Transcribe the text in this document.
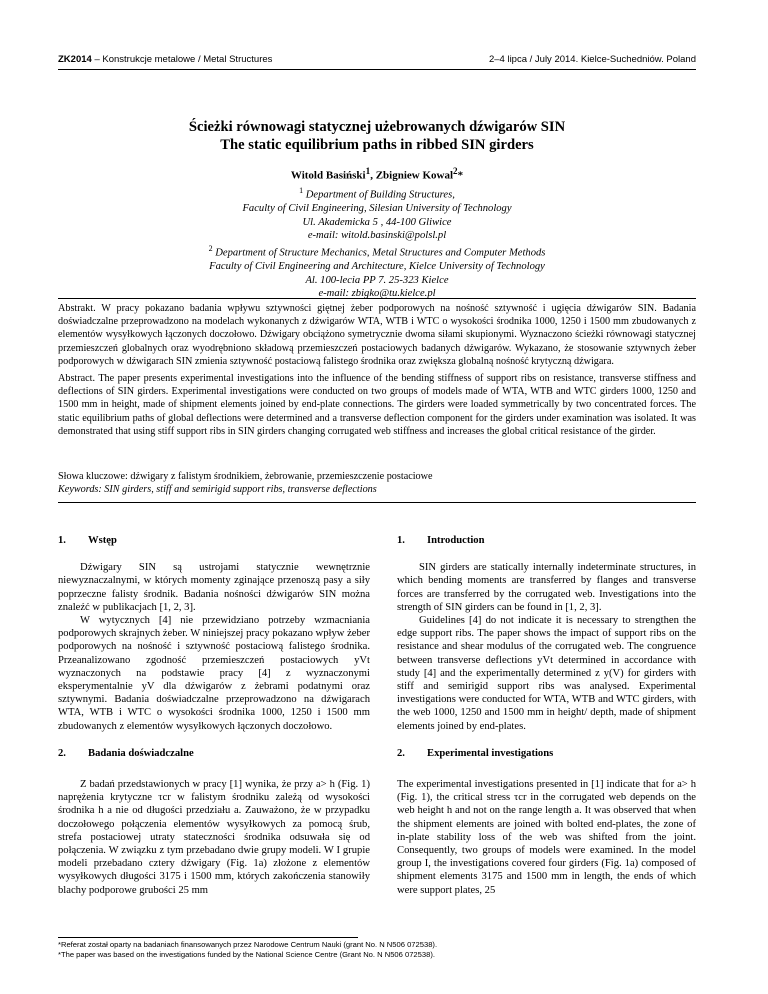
ZK2014 – Konstrukcje metalowe / Metal Structures	2–4 lipca / July 2014. Kielce-Suchedniów. Poland
Ścieżki równowagi statycznej użebrowanych dźwigarów SIN
The static equilibrium paths in ribbed SIN girders
Witold Basiński$^1$, Zbigniew Kowal$^2$*
$^1$ Department of Building Structures,
Faculty of Civil Engineering, Silesian University of Technology
Ul. Akademicka 5 , 44-100 Gliwice
e-mail: witold.basinski@polsl.pl
$^2$ Department of Structure Mechanics, Metal Structures and Computer Methods
Faculty of Civil Engineering and Architecture, Kielce University of Technology
Al. 100-lecia PP 7. 25-323 Kielce
e-mail: zbigko@tu.kielce.pl
Abstrakt. W pracy pokazano badania wpływu sztywności giętnej żeber podporowych na nośność sztywność i ugięcia dźwigarów SIN. Badania doświadczalne przeprowadzono na modelach wykonanych z dźwigarów WTA, WTB i WTC o wysokości środnika 1000, 1250 i 1500 mm zbudowanych z elementów wysyłkowych łączonych doczołowo. Dźwigary obciążono symetrycznie dwoma siłami skupionymi. Wyznaczono ścieżki równowagi statycznej przemieszczeń globalnych oraz wyodrębniono składową przemieszczeń postaciowych badanych dźwigarów. Wykazano, że stosowanie sztywnych żeber podporowych w dźwigarach SIN zmienia sztywność postaciową falistego środnika oraz zwiększa globalną nośność krytyczną dźwigara.
Abstract. The paper presents experimental investigations into the influence of the bending stiffness of support ribs on resistance, transverse stiffness and deflections of SIN girders. Experimental investigations were conducted on two groups of models made of WTA, WTB and WTC girders 1000, 1250 and 1500 mm in height, made of shipment elements joined by end-plate connections. The girders were loaded symmetrically by two concentrated forces. The static equilibrium paths of global deflections were determined and a transverse deflection component for the girders under examination was isolated. It was demonstrated that using stiff support ribs in SIN girders changing corrugated web stiffness and increases the global critical resistance of the girder.
Słowa kluczowe: dźwigary z falistym środnikiem, żebrowanie, przemieszczenie postaciowe
Keywords: SIN girders, stiff and semirigid support ribs, transverse deflections

1. Wstęp

Dźwigary SIN są ustrojami statycznie wewnętrznie niewyznaczalnymi, w których momenty zginające przenoszą pasy a siły poprzeczne falisty środnik. Badania nośności dźwigarów SIN można znaleźć w publikacjach [1, 2, 3].

W wytycznych [4] nie przewidziano potrzeby wzmacniania podporowych skrajnych żeber. W niniejszej pracy pokazano wpływ żeber podporowych na nośność i sztywność postaciową falistego środnika. Przeanalizowano zgodność przemieszczeń postaciowych yVt wyznaczonych na podstawie pracy [4] z wyznaczonymi eksperymentalnie yV dla dźwigarów z żebrami podatnymi oraz sztywnymi. Badania doświadczalne przeprowadzono na dźwigarach WTA, WTB i WTC o wysokości środnika 1000, 1250 i 1500 mm zbudowanych z elementów wysyłkowych łączonych doczołowo.

2. Badania doświadczalne

Z badań przedstawionych w pracy [1] wynika, że przy a> h (Fig. 1) naprężenia krytyczne τcr w falistym środniku zależą od wysokości środnika h a nie od długości przedziału a. Zauważono, że w przypadku doczołowego połączenia elementów wysyłkowych za pomocą śrub, strefa postaciowej utraty stateczności środnika odsuwała się od połączenia. W związku z tym przebadano dwie grupy modeli. W I grupie modeli przebadano cztery dźwigary (Fig. 1a) złożone z elementów wysyłkowych długości 3175 i 1500 mm, których zakończenia stanowiły blachy podporowe grubości 25 mm

1. Introduction

SIN girders are statically internally indeterminate structures, in which bending moments are transferred by flanges and transverse forces are transferred by the corrugated web. Investigations into the strength of SIN girders can be found in [1, 2, 3].

Guidelines [4] do not indicate it is necessary to strengthen the edge support ribs. The paper shows the impact of support ribs on the resistance and shear modulus of the corrugated web. The congruence between transverse deflections yVt determined in accordance with study [4] and the experimentally determined z y(V) for girders with stiff and semirigid support ribs was analysed. Experimental investigations were conducted for WTA, WTB and WTC girders, with the web 1000, 1250 and 1500 mm in height/ depth, made of shipment elements joined by end-plates.

2. Experimental investigations

The experimental investigations presented in [1] indicate that for a> h (Fig. 1), the critical stress τcr in the corrugated web depends on the web height h and not on the range length a. It was observed that when the shipment elements are joined with bolted end-plates, the zone of in-plate stability loss of the web was shifted from the joint. Consequently, two groups of models were examined. In the model group I, the investigations covered four girders (Fig. 1a) composed of shipment elements 3175 and 1500 mm in length, the ends of which were support plates, 25

*Referat został oparty na badaniach finansowanych przez Narodowe Centrum Nauki (grant No. N N506 072538).
*The paper was based on the investigations funded by the National Science Centre (Grant No. N N506 072538).
